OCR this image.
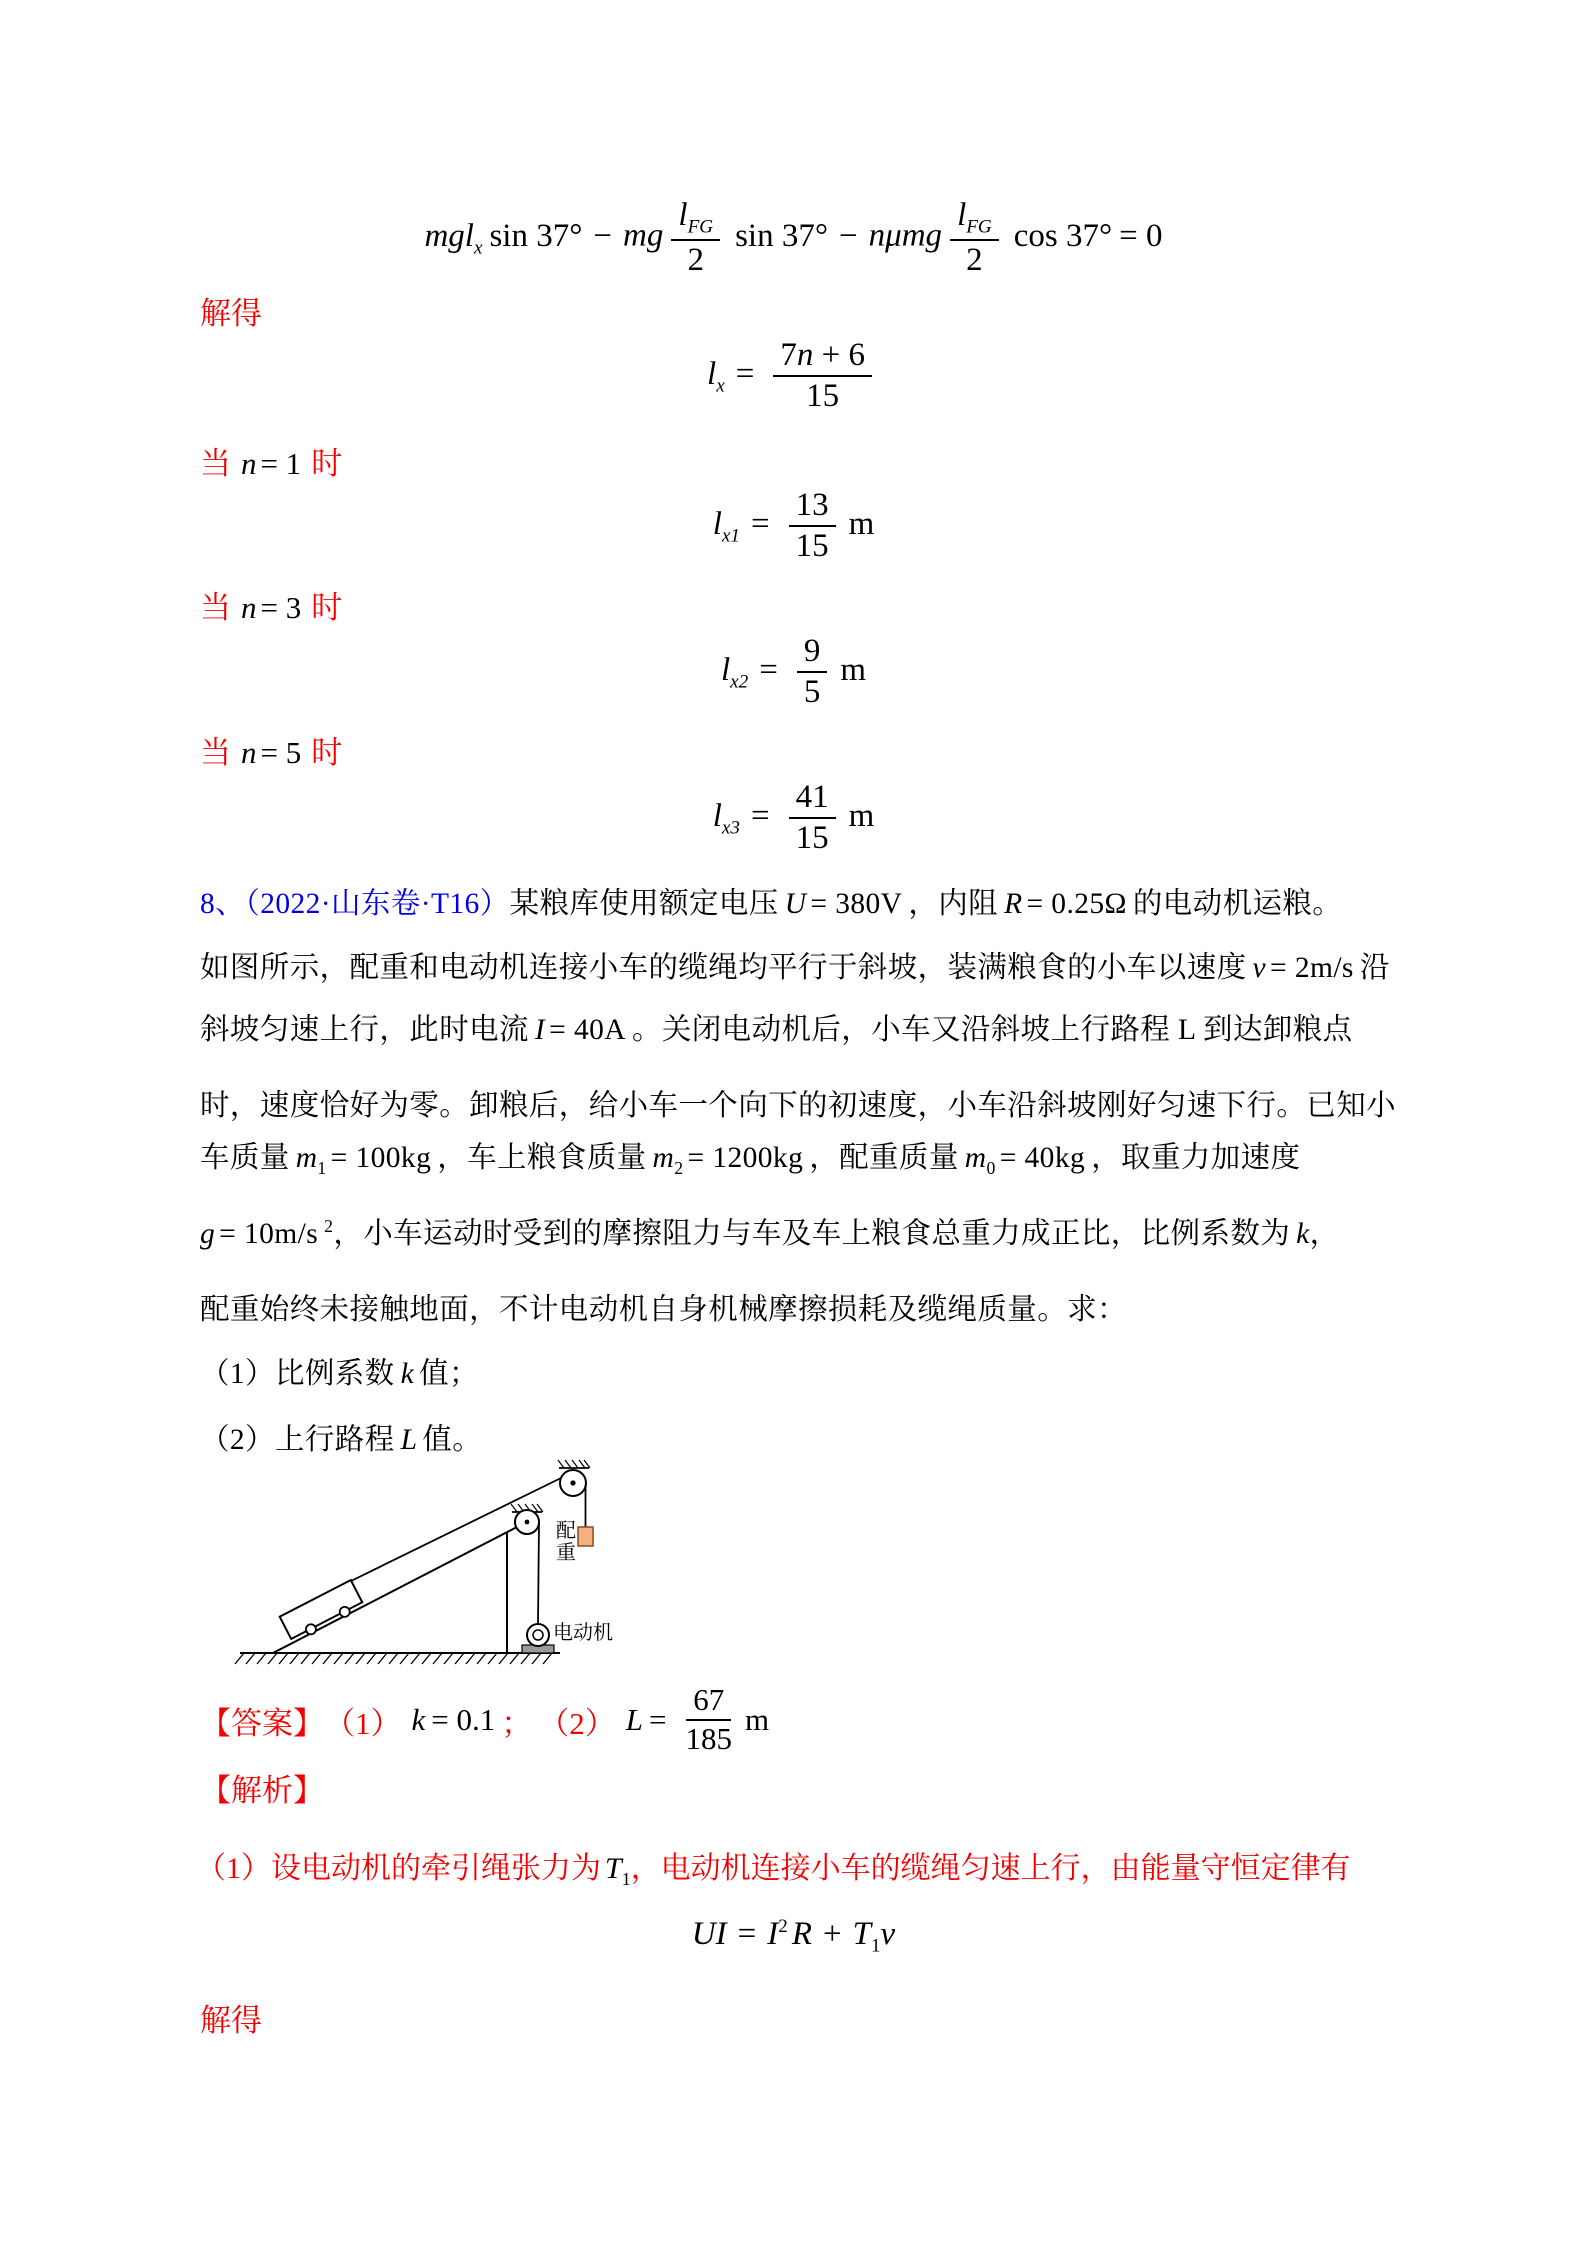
mgl$_x$ sin 37° − mg $\frac{l_{FG}}{2}$ sin 37° − nμmg $\frac{l_{FG}}{2}$ cos 37° = 0
解得
$l_x = \frac{7n + 6}{15}$
当 n = 1 时
$l_{x1} = \frac{13}{15}$ m
当 n = 3 时
$l_{x2} = \frac{9}{5}$ m
当 n = 5 时
$l_{x3} = \frac{41}{15}$ m
8、（2022·山东卷·T16）某粮库使用额定电压 U = 380V ，内阻 R = 0.25Ω 的电动机运粮。
如图所示，配重和电动机连接小车的缆绳均平行于斜坡，装满粮食的小车以速度 v = 2m/s 沿
斜坡匀速上行，此时电流 I = 40A 。关闭电动机后，小车又沿斜坡上行路程 L 到达卸粮点
时，速度恰好为零。卸粮后，给小车一个向下的初速度，小车沿斜坡刚好匀速下行。已知小
车质量 $m_1 = 100kg$ ，车上粮食质量 $m_2 = 1200kg$ ，配重质量 $m_0 = 40kg$ ，取重力加速度
g = 10m/s $^2$，小车运动时受到的摩擦阻力与车及车上粮食总重力成正比，比例系数为 k，
配重始终未接触地面，不计电动机自身机械摩擦损耗及缆绳质量。求：
（1）比例系数 k 值；
（2）上行路程 L 值。
配重
电动机
【答案】 （1） k = 0.1 ； （2） $L = \frac{67}{185}$ m
【解析】
（1）设电动机的牵引绳张力为 $T_1$，电动机连接小车的缆绳匀速上行，由能量守恒定律有
UI = $I^2$ $R + T_1v$
解得
